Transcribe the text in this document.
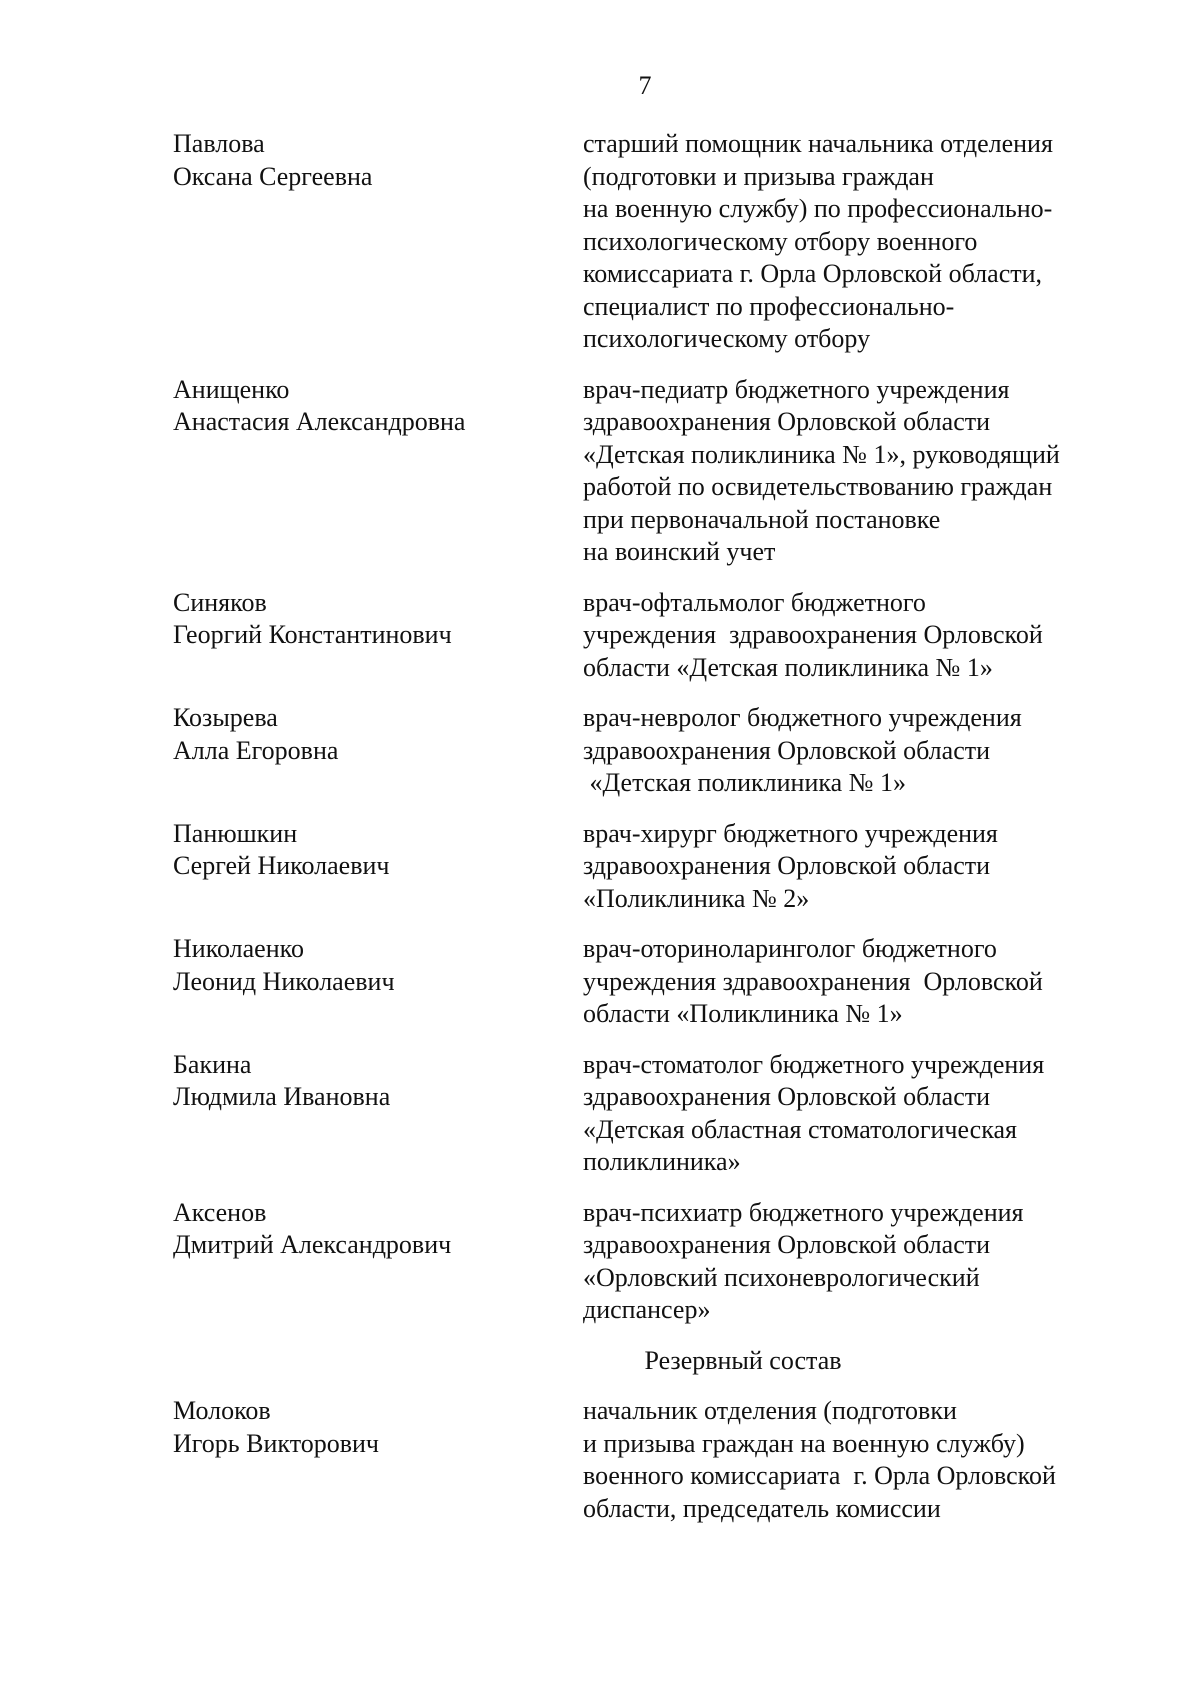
7
Павлова
Оксана Сергеевна
старший помощник начальника отделения
(подготовки и призыва граждан
на военную службу) по профессионально-
психологическому отбору военного
комиссариата г. Орла Орловской области,
специалист по профессионально-
психологическому отбору
Анищенко
Анастасия Александровна
врач-педиатр бюджетного учреждения
здравоохранения Орловской области
«Детская поликлиника № 1», руководящий
работой по освидетельствованию граждан
при первоначальной постановке
на воинский учет
Синяков
Георгий Константинович
врач-офтальмолог бюджетного
учреждения  здравоохранения Орловской
области «Детская поликлиника № 1»
Козырева
Алла Егоровна
врач-невролог бюджетного учреждения
здравоохранения Орловской области
«Детская поликлиника № 1»
Панюшкин
Сергей Николаевич
врач-хирург бюджетного учреждения
здравоохранения Орловской области
«Поликлиника № 2»
Николаенко
Леонид Николаевич
врач-оториноларинголог бюджетного
учреждения здравоохранения  Орловской
области «Поликлиника № 1»
Бакина
Людмила Ивановна
врач-стоматолог бюджетного учреждения
здравоохранения Орловской области
«Детская областная стоматологическая
поликлиника»
Аксенов
Дмитрий Александрович
врач-психиатр бюджетного учреждения
здравоохранения Орловской области
«Орловский психоневрологический
диспансер»
Резервный состав
Молоков
Игорь Викторович
начальник отделения (подготовки
и призыва граждан на военную службу)
военного комиссариата  г. Орла Орловской
области, председатель комиссии
